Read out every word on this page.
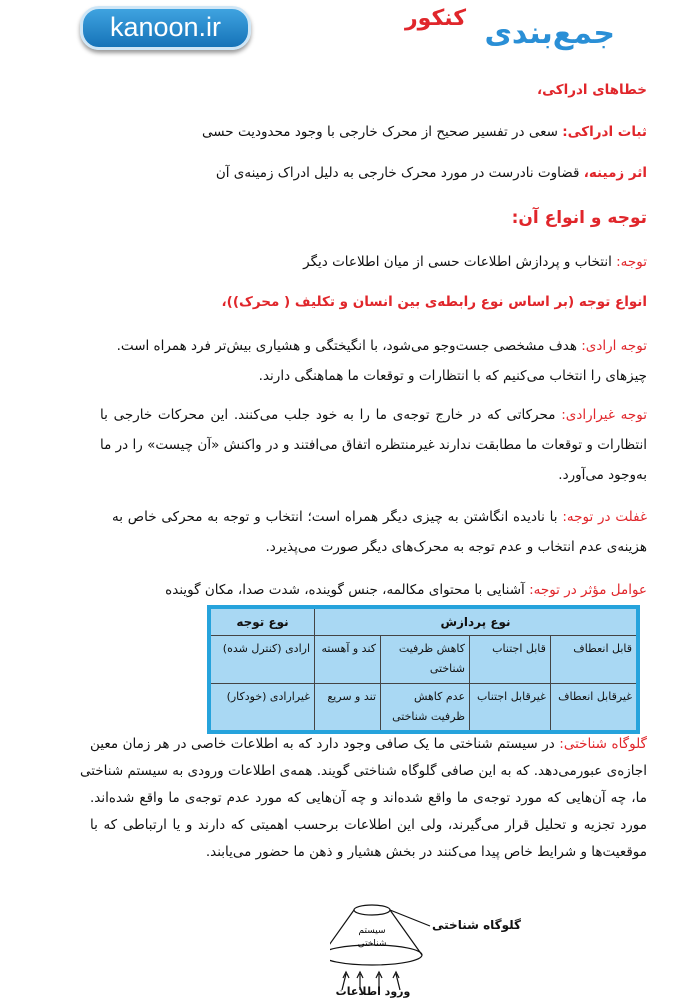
kanoon.ir	جمع‌بندی
کنکور
خطاهای ادراکی،
ثبات ادراکی: سعی در تفسیر صحیح از محرک خارجی با وجود محدودیت حسی
اثر زمینه، قضاوت نادرست در مورد محرک خارجی به دلیل ادراک زمینه‌ی آن
توجه و انواع آن:
توجه: انتخاب و پردازش اطلاعات حسی از میان اطلاعات دیگر
انواع توجه (بر اساس نوع رابطه‌ی بین انسان و تکلیف ( محرک))،
توجه ارادی: هدف مشخصی جست‌وجو می‌شود، با انگیختگی و هشیاری بیش‌تر فرد همراه است.
چیزهای را انتخاب می‌کنیم که با انتظارات و توقعات ما هماهنگی دارند.
توجه غیرارادی: محرکاتی که در خارج توجه‌ی ما را به خود جلب می‌کنند. این محرکات خارجی با
انتظارات و توقعات ما مطابقت ندارند غیرمنتظره اتفاق می‌افتند و در واکنش «آن چیست» را در ما
به‌وجود می‌آورد.
غفلت در توجه: با نادیده انگاشتن به چیزی دیگر همراه است؛ انتخاب و توجه به محرکی خاص به
هزینه‌ی عدم انتخاب و عدم توجه به محرک‌های دیگر صورت می‌پذیرد.
عوامل مؤثر در توجه: آشنایی با محتوای مکالمه، جنس گوینده، شدت صدا، مکان گوینده
نوع پردازش				نوع توجه
قابل انعطاف	قابل اجتناب	کاهش ظرفیت شناختی	کند و آهسته	ارادی (کنترل شده)
غیرقابل انعطاف	غیرقابل اجتناب	عدم کاهش ظرفیت شناختی	تند و سریع	غیرارادی (خودکار)
گلوگاه شناختی: در سیستم شناختی ما یک صافی وجود دارد که به اطلاعات خاصی در هر زمان معین
اجازه‌ی عبورمی‌دهد. که به این صافی گلوگاه شناختی گویند. همه‌ی اطلاعات ورودی به سیستم شناختی
ما، چه آن‌هایی که مورد توجه‌ی ما واقع شده‌اند و چه آن‌هایی که مورد عدم توجه‌ی ما واقع شده‌اند.
مورد تجزیه و تحلیل قرار می‌گیرند، ولی این اطلاعات برحسب اهمیتی که دارند و یا ارتباطی که با
موقعیت‌ها و شرایط خاص پیدا می‌کنند در بخش هشیار و ذهن ما حضور می‌یابند.
سیستم
شناختی
گلوگاه شناختی
ورود اطلاعات
